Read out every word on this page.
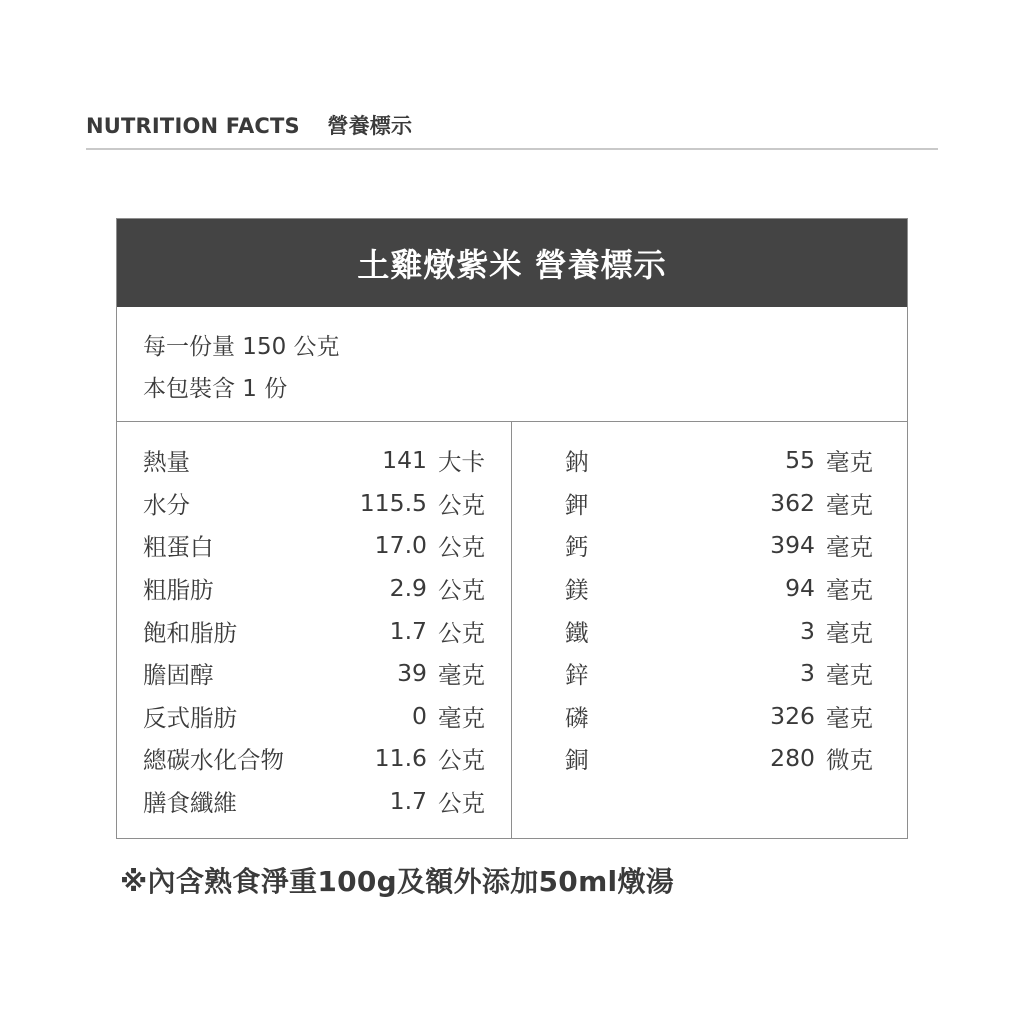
NUTRITION FACTS 營養標示
土雞燉紫米 營養標示
每一份量 150 公克
本包裝含 1 份
熱量	141 大卡
水分	115.5 公克
粗蛋白	17.0 公克
粗脂肪	2.9 公克
飽和脂肪	1.7 公克
膽固醇	39 毫克
反式脂肪	0 毫克
總碳水化合物	11.6 公克
膳食纖維	1.7 公克
鈉	55 毫克
鉀	362 毫克
鈣	394 毫克
鎂	94 毫克
鐵	3 毫克
鋅	3 毫克
磷	326 毫克
銅	280 微克
※內含熟食淨重100g及額外添加50ml燉湯
